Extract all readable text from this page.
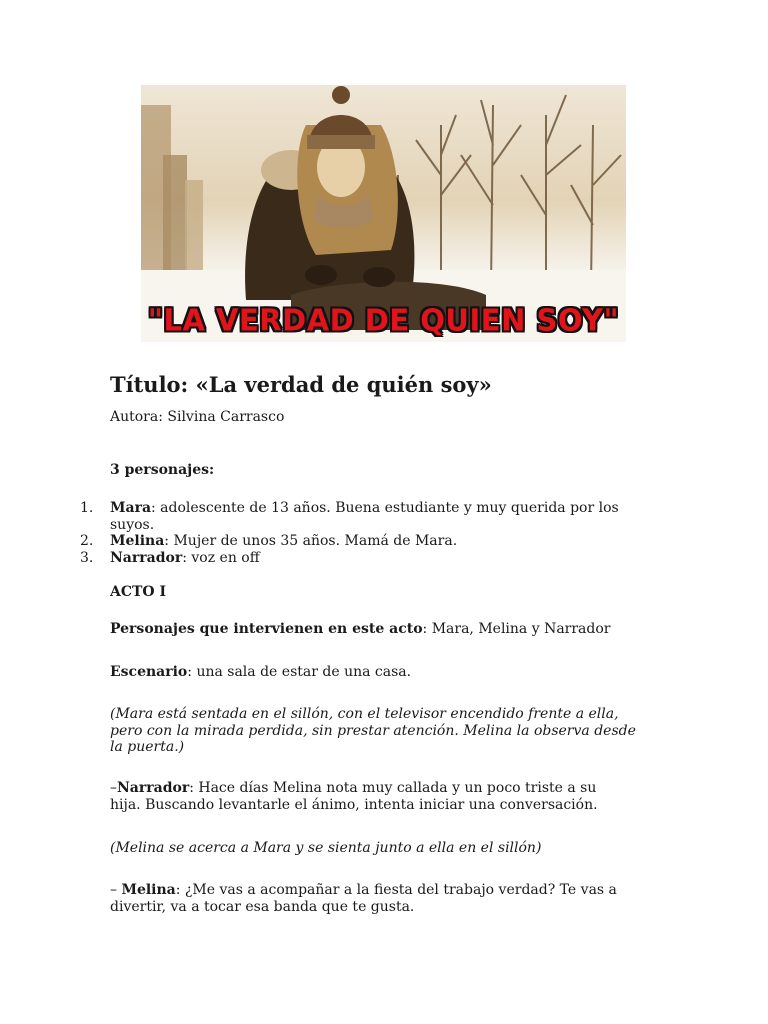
"LA VERDAD DE QUIEN SOY"
Título: «La verdad de quién soy»

Autora: Silvina Carrasco

3 personajes:

1.	Mara: adolescente de 13 años. Buena estudiante y muy querida por los suyos.
2.	Melina: Mujer de unos 35 años. Mamá de Mara.
3.	Narrador: voz en off

ACTO I

Personajes que intervienen en este acto: Mara, Melina y Narrador

Escenario: una sala de estar de una casa.

(Mara está sentada en el sillón, con el televisor encendido frente a ella, pero con la mirada perdida, sin prestar atención. Melina la observa desde la puerta.)

–Narrador: Hace días Melina nota muy callada y un poco triste a su hija. Buscando levantarle el ánimo, intenta iniciar una conversación.

(Melina se acerca a Mara y se sienta junto a ella en el sillón)

– Melina: ¿Me vas a acompañar a la fiesta del trabajo verdad? Te vas a divertir, va a tocar esa banda que te gusta.
